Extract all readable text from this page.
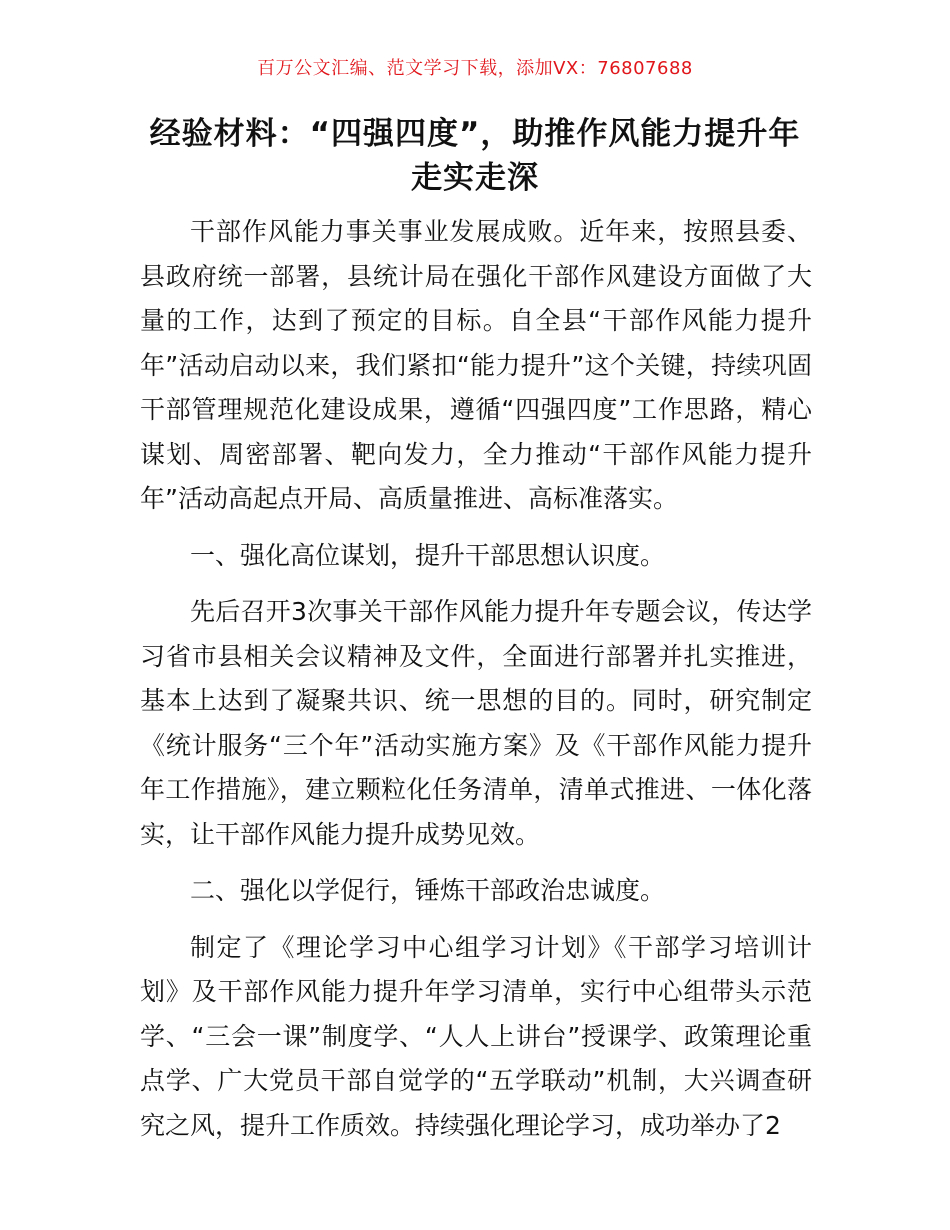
百万公文汇编、范文学习下载，添加VX：76807688
经验材料：“四强四度”，助推作风能力提升年走实走深

干部作风能力事关事业发展成败。近年来，按照县委、县政府统一部署，县统计局在强化干部作风建设方面做了大量的工作，达到了预定的目标。自全县“干部作风能力提升年”活动启动以来，我们紧扣“能力提升”这个关键，持续巩固干部管理规范化建设成果，遵循“四强四度”工作思路，精心谋划、周密部署、靶向发力，全力推动“干部作风能力提升年”活动高起点开局、高质量推进、高标准落实。

一、强化高位谋划，提升干部思想认识度。

先后召开3次事关干部作风能力提升年专题会议，传达学习省市县相关会议精神及文件，全面进行部署并扎实推进，基本上达到了凝聚共识、统一思想的目的。同时，研究制定《统计服务“三个年”活动实施方案》及《干部作风能力提升年工作措施》，建立颗粒化任务清单，清单式推进、一体化落实，让干部作风能力提升成势见效。

二、强化以学促行，锤炼干部政治忠诚度。

制定了《理论学习中心组学习计划》《干部学习培训计划》及干部作风能力提升年学习清单，实行中心组带头示范学、“三会一课”制度学、“人人上讲台”授课学、政策理论重点学、广大党员干部自觉学的“五学联动”机制，大兴调查研究之风，提升工作质效。持续强化理论学习，成功举办了2
